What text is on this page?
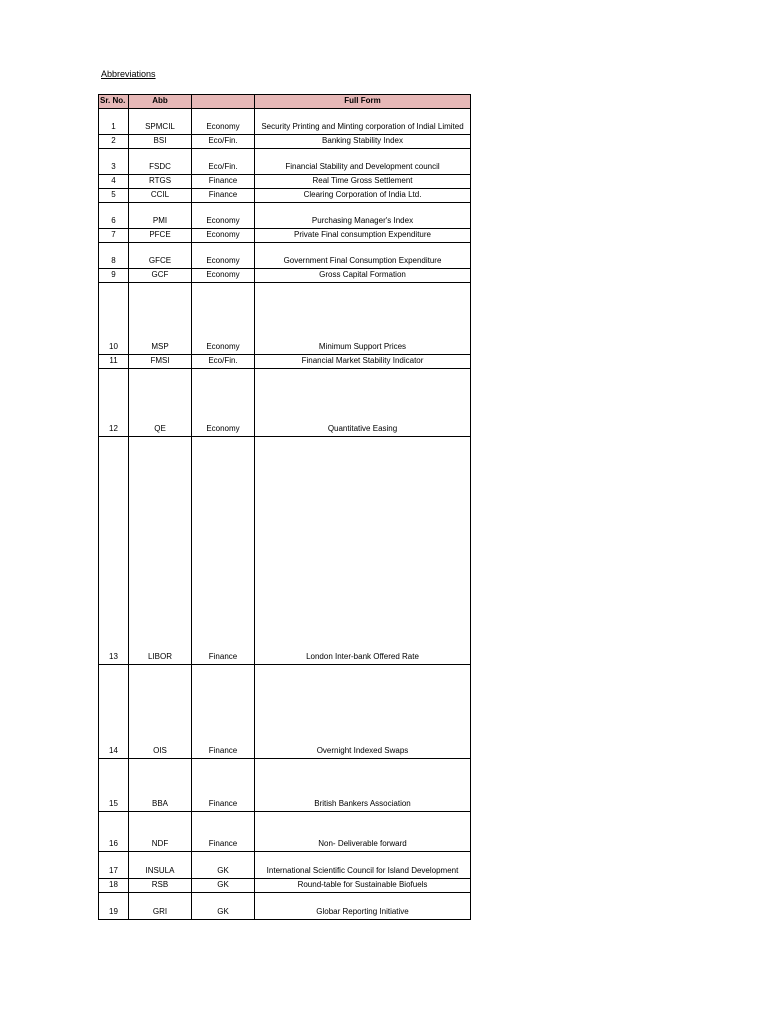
Abbreviations
Sr. No.	Abb		Full Form
1	SPMCIL	Economy	Security Printing and Minting corporation of Indial Limited
2	BSI	Eco/Fin.	Banking Stability Index
3	FSDC	Eco/Fin.	Financial Stability and Development council
4	RTGS	Finance	Real Time Gross Settlement
5	CCIL	Finance	Clearing Corporation of India Ltd.
6	PMI	Economy	Purchasing Manager's Index
7	PFCE	Economy	Private Final consumption Expenditure
8	GFCE	Economy	Government Final Consumption Expenditure
9	GCF	Economy	Gross Capital Formation
10	MSP	Economy	Minimum Support Prices
11	FMSI	Eco/Fin.	Financial Market Stability Indicator
12	QE	Economy	Quantitative Easing
13	LIBOR	Finance	London Inter-bank Offered Rate
14	OIS	Finance	Overnight Indexed Swaps
15	BBA	Finance	British Bankers Association
16	NDF	Finance	Non- Deliverable forward
17	INSULA	GK	International Scientific Council for Island Development
18	RSB	GK	Round-table for Sustainable Biofuels
19	GRI	GK	Globar Reporting Initiative
